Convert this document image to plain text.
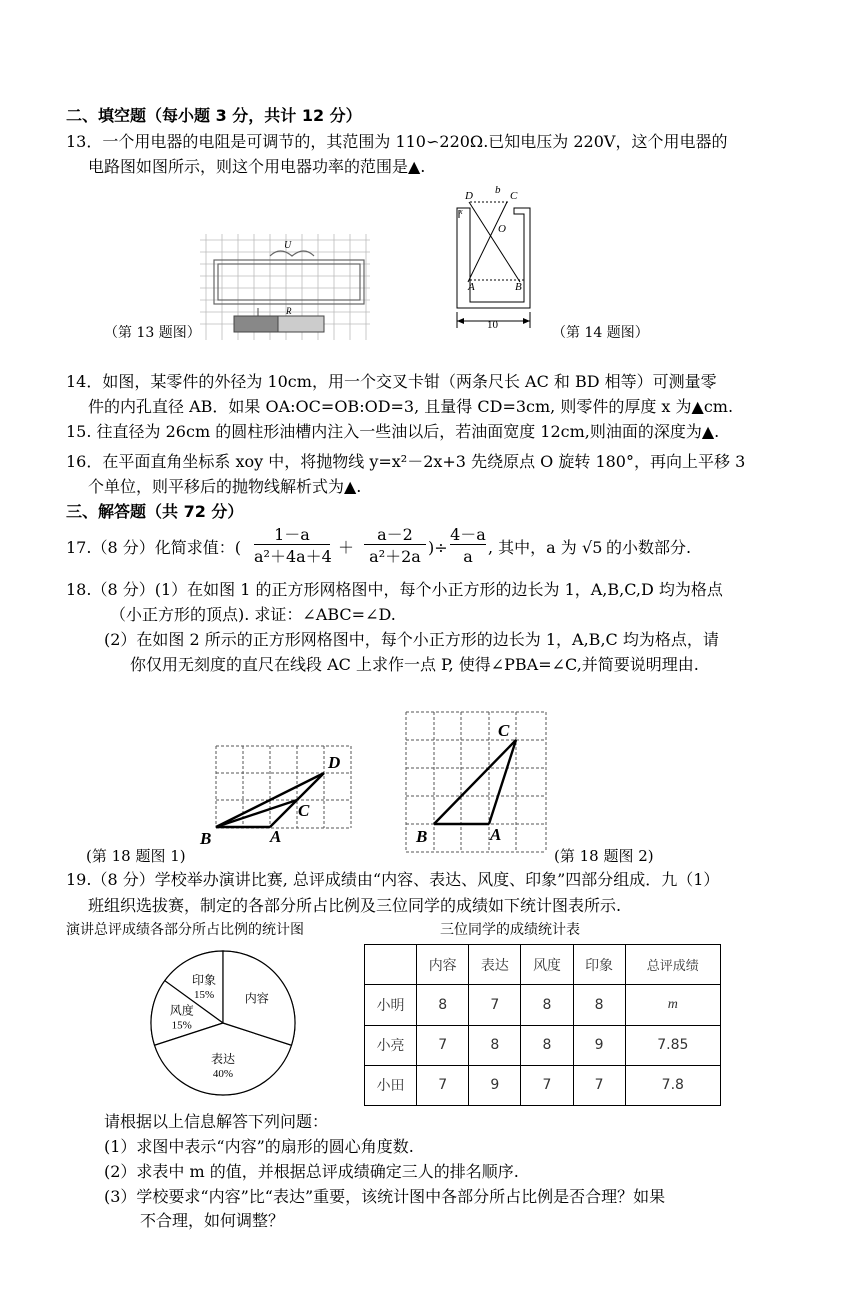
二、填空题（每小题 3 分，共计 12 分）
13．一个用电器的电阻是可调节的，其范围为 110∽220Ω.已知电压为 220V，这个用电器的
电路图如图所示，则这个用电器功率的范围是▲.
U
R
（第 13 题图）
D b C
x
O
A	B
10	（第 14 题图）
14．如图，某零件的外径为 10cm，用一个交叉卡钳（两条尺长 AC 和 BD 相等）可测量零
件的内孔直径 AB．如果 OA:OC=OB:OD=3, 且量得 CD=3cm, 则零件的厚度 x 为▲cm.
15. 往直径为 26cm 的圆柱形油槽内注入一些油以后，若油面宽度 12cm,则油面的深度为▲.
16．在平面直角坐标系 xoy 中，将抛物线 y=x²－2x+3 先绕原点 O 旋转 180°，再向上平移 3
个单位，则平移后的抛物线解析式为▲.
三、解答题（共 72 分）
17.（8 分）化简求值：(
1－a
a²＋4a＋4 ＋
a－2
a²＋2a )÷
4－a
a , 其中，a 为 √5 的小数部分.
18.（8 分）(1）在如图 1 的正方形网格图中，每个小正方形的边长为 1，A,B,C,D 均为格点
（小正方形的顶点). 求证：∠ABC=∠D.
(2）在如图 2 所示的正方形网格图中，每个小正方形的边长为 1，A,B,C 均为格点，请
你仅用无刻度的直尺在线段 AC 上求作一点 P, 使得∠PBA=∠C,并简要说明理由.
B	A
C
D
(第 18 题图 1)
B	A
C
(第 18 题图 2)
19.（8 分）学校举办演讲比赛, 总评成绩由“内容、表达、风度、印象”四部分组成．九（1）
班组织选拔赛，制定的各部分所占比例及三位同学的成绩如下统计图表所示.
演讲总评成绩各部分所占比例的统计图	三位同学的成绩统计表
印象
15%
风度
15%
表达
40%
内容
	内容	表达	风度	印象	总评成绩
小明	8	7	8	8	m
小亮	7	8	8	9	7.85
小田	7	9	7	7	7.8
请根据以上信息解答下列问题：
(1）求图中表示“内容”的扇形的圆心角度数.
(2）求表中 m 的值，并根据总评成绩确定三人的排名顺序.
(3）学校要求“内容”比“表达”重要，该统计图中各部分所占比例是否合理？如果
不合理，如何调整？
